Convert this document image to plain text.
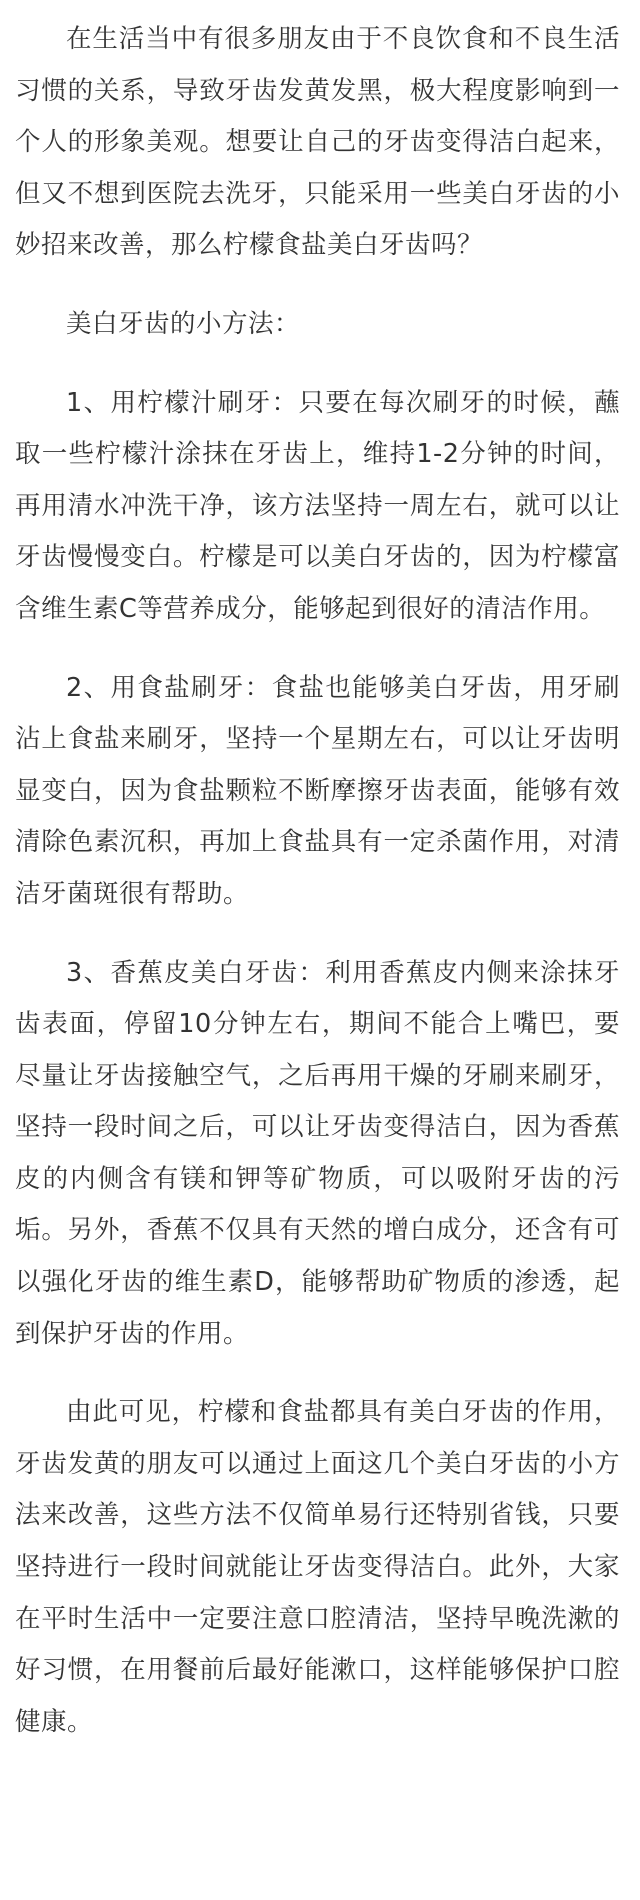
在生活当中有很多朋友由于不良饮食和不良生活习惯的关系，导致牙齿发黄发黑，极大程度影响到一个人的形象美观。想要让自己的牙齿变得洁白起来，但又不想到医院去洗牙，只能采用一些美白牙齿的小妙招来改善，那么柠檬食盐美白牙齿吗？

美白牙齿的小方法：

1、用柠檬汁刷牙：只要在每次刷牙的时候，蘸取一些柠檬汁涂抹在牙齿上，维持1-2分钟的时间，再用清水冲洗干净，该方法坚持一周左右，就可以让牙齿慢慢变白。柠檬是可以美白牙齿的，因为柠檬富含维生素C等营养成分，能够起到很好的清洁作用。

2、用食盐刷牙：食盐也能够美白牙齿，用牙刷沾上食盐来刷牙，坚持一个星期左右，可以让牙齿明显变白，因为食盐颗粒不断摩擦牙齿表面，能够有效清除色素沉积，再加上食盐具有一定杀菌作用，对清洁牙菌斑很有帮助。

3、香蕉皮美白牙齿：利用香蕉皮内侧来涂抹牙齿表面，停留10分钟左右，期间不能合上嘴巴，要尽量让牙齿接触空气，之后再用干燥的牙刷来刷牙，坚持一段时间之后，可以让牙齿变得洁白，因为香蕉皮的内侧含有镁和钾等矿物质，可以吸附牙齿的污垢。另外，香蕉不仅具有天然的增白成分，还含有可以强化牙齿的维生素D，能够帮助矿物质的渗透，起到保护牙齿的作用。

由此可见，柠檬和食盐都具有美白牙齿的作用，牙齿发黄的朋友可以通过上面这几个美白牙齿的小方法来改善，这些方法不仅简单易行还特别省钱，只要坚持进行一段时间就能让牙齿变得洁白。此外，大家在平时生活中一定要注意口腔清洁，坚持早晚洗漱的好习惯，在用餐前后最好能漱口，这样能够保护口腔健康。
